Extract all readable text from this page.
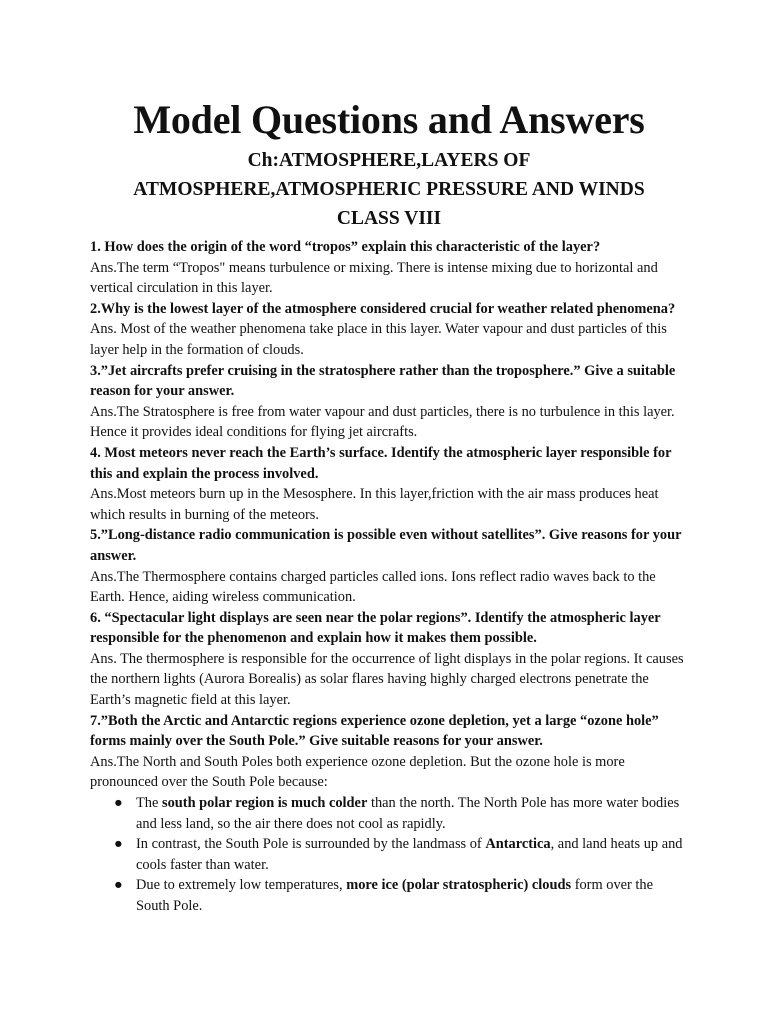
Model Questions and Answers
Ch:ATMOSPHERE,LAYERS OF
ATMOSPHERE,ATMOSPHERIC PRESSURE AND WINDS
CLASS VIII

1. How does the origin of the word “tropos” explain this characteristic of the layer?

Ans.The term “Tropos" means turbulence or mixing. There is intense mixing due to horizontal and vertical circulation in this layer.

2.Why is the lowest layer of the atmosphere considered crucial for weather related phenomena?

Ans. Most of the weather phenomena take place in this layer. Water vapour and dust particles of this layer help in the formation of clouds.

3.”Jet aircrafts prefer cruising in the stratosphere rather than the troposphere.” Give a suitable reason for your answer.

Ans.The Stratosphere is free from water vapour and dust particles, there is no turbulence in this layer. Hence it provides ideal conditions for flying jet aircrafts.

4. Most meteors never reach the Earth’s surface. Identify the atmospheric layer responsible for this and explain the process involved.

Ans.Most meteors burn up in the Mesosphere. In this layer,friction with the air mass produces heat which results in burning of the meteors.

5.”Long-distance radio communication is possible even without satellites”. Give reasons for your answer.

Ans.The Thermosphere contains charged particles called ions. Ions reflect radio waves back to the Earth. Hence, aiding wireless communication.

6. “Spectacular light displays are seen near the polar regions”. Identify the atmospheric layer responsible for the phenomenon and explain how it makes them possible.

Ans. The thermosphere is responsible for the occurrence of light displays in the polar regions. It causes the northern lights (Aurora Borealis) as solar flares having highly charged electrons penetrate the Earth’s magnetic field at this layer.

7.”Both the Arctic and Antarctic regions experience ozone depletion, yet a large “ozone hole” forms mainly over the South Pole.” Give suitable reasons for your answer.

Ans.The North and South Poles both experience ozone depletion. But the ozone hole is more pronounced over the South Pole because:

● The south polar region is much colder than the north. The North Pole has more water bodies and less land, so the air there does not cool as rapidly.
● In contrast, the South Pole is surrounded by the landmass of Antarctica, and land heats up and cools faster than water.
● Due to extremely low temperatures, more ice (polar stratospheric) clouds form over the South Pole.
